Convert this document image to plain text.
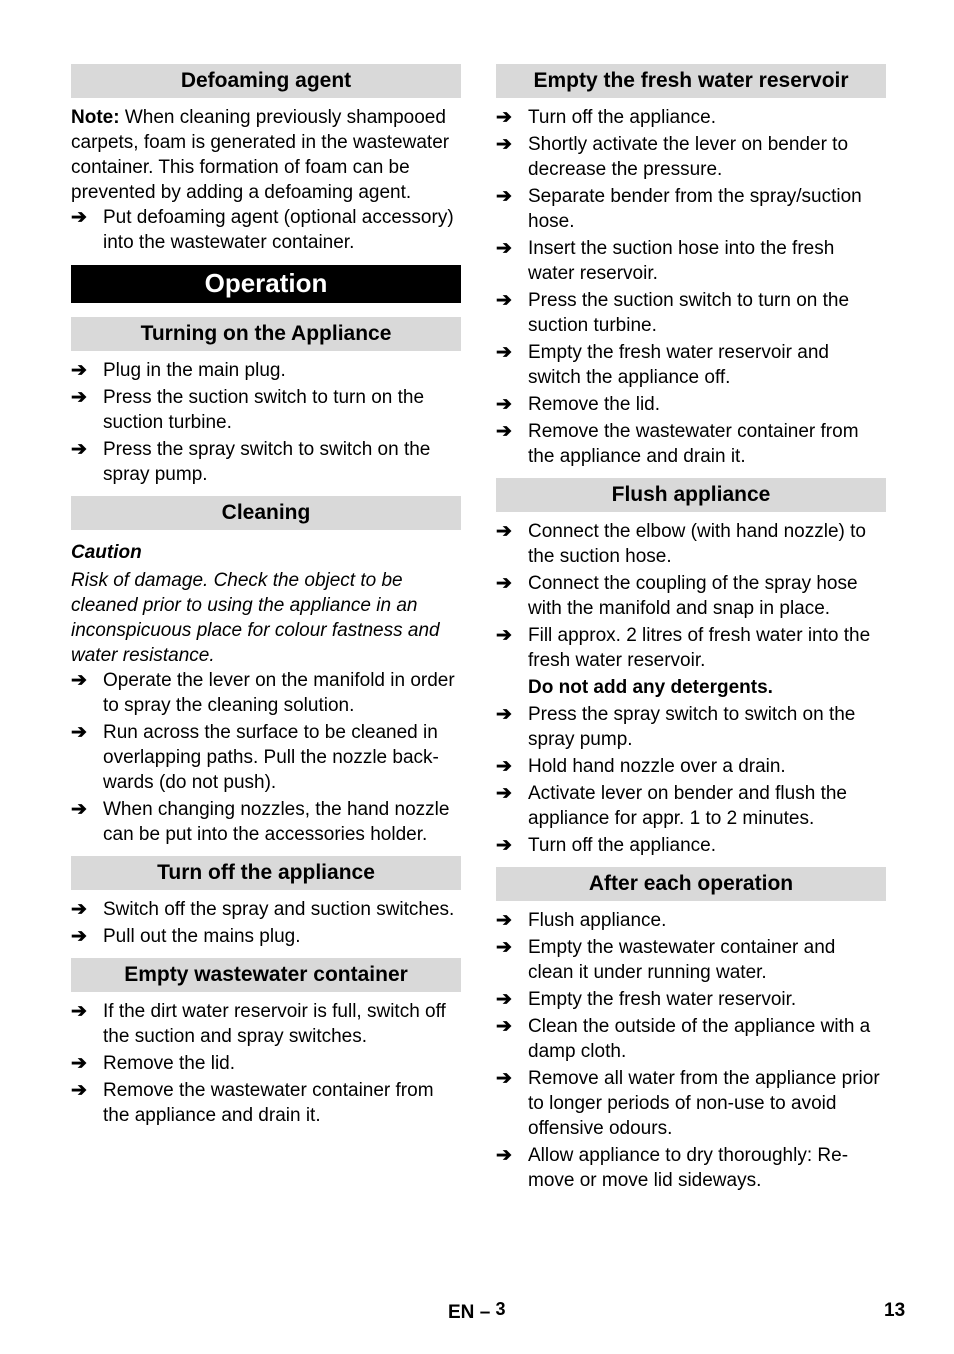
Defoaming agent

Note: When cleaning previously shampooed carpets, foam is generated in the wastewater container. This formation of foam can be prevented by adding a defoaming agent.

➔ Put defoaming agent (optional accessory) into the wastewater container.
Operation
Turning on the Appliance
➔ Plug in the main plug.
➔ Press the suction switch to turn on the suction turbine.
➔ Press the spray switch to switch on the spray pump.
Cleaning

Caution

Risk of damage. Check the object to be cleaned prior to using the appliance in an inconspicuous place for colour fastness and water resistance.

➔ Operate the lever on the manifold in order to spray the cleaning solution.
➔ Run across the surface to be cleaned in overlapping paths. Pull the nozzle backwards (do not push).
➔ When changing nozzles, the hand nozzle can be put into the accessories holder.
Turn off the appliance
➔ Switch off the spray and suction switches.
➔ Pull out the mains plug.
Empty wastewater container
➔ If the dirt water reservoir is full, switch off the suction and spray switches.
➔ Remove the lid.
➔ Remove the wastewater container from the appliance and drain it.
Empty the fresh water reservoir
➔ Turn off the appliance.
➔ Shortly activate the lever on bender to decrease the pressure.
➔ Separate bender from the spray/suction hose.
➔ Insert the suction hose into the fresh water reservoir.
➔ Press the suction switch to turn on the suction turbine.
➔ Empty the fresh water reservoir and switch the appliance off.
➔ Remove the lid.
➔ Remove the wastewater container from the appliance and drain it.
Flush appliance
➔ Connect the elbow (with hand nozzle) to the suction hose.
➔ Connect the coupling of the spray hose with the manifold and snap in place.
➔ Fill approx. 2 litres of fresh water into the fresh water reservoir.

Do not add any detergents.

➔ Press the spray switch to switch on the spray pump.
➔ Hold hand nozzle over a drain.
➔ Activate lever on bender and flush the appliance for appr. 1 to 2 minutes.
➔ Turn off the appliance.
After each operation
➔ Flush appliance.
➔ Empty the wastewater container and clean it under running water.
➔ Empty the fresh water reservoir.
➔ Clean the outside of the appliance with a damp cloth.
➔ Remove all water from the appliance prior to longer periods of non-use to avoid offensive odours.
➔ Allow appliance to dry thoroughly: Remove or move lid sideways.
EN – 3	13
